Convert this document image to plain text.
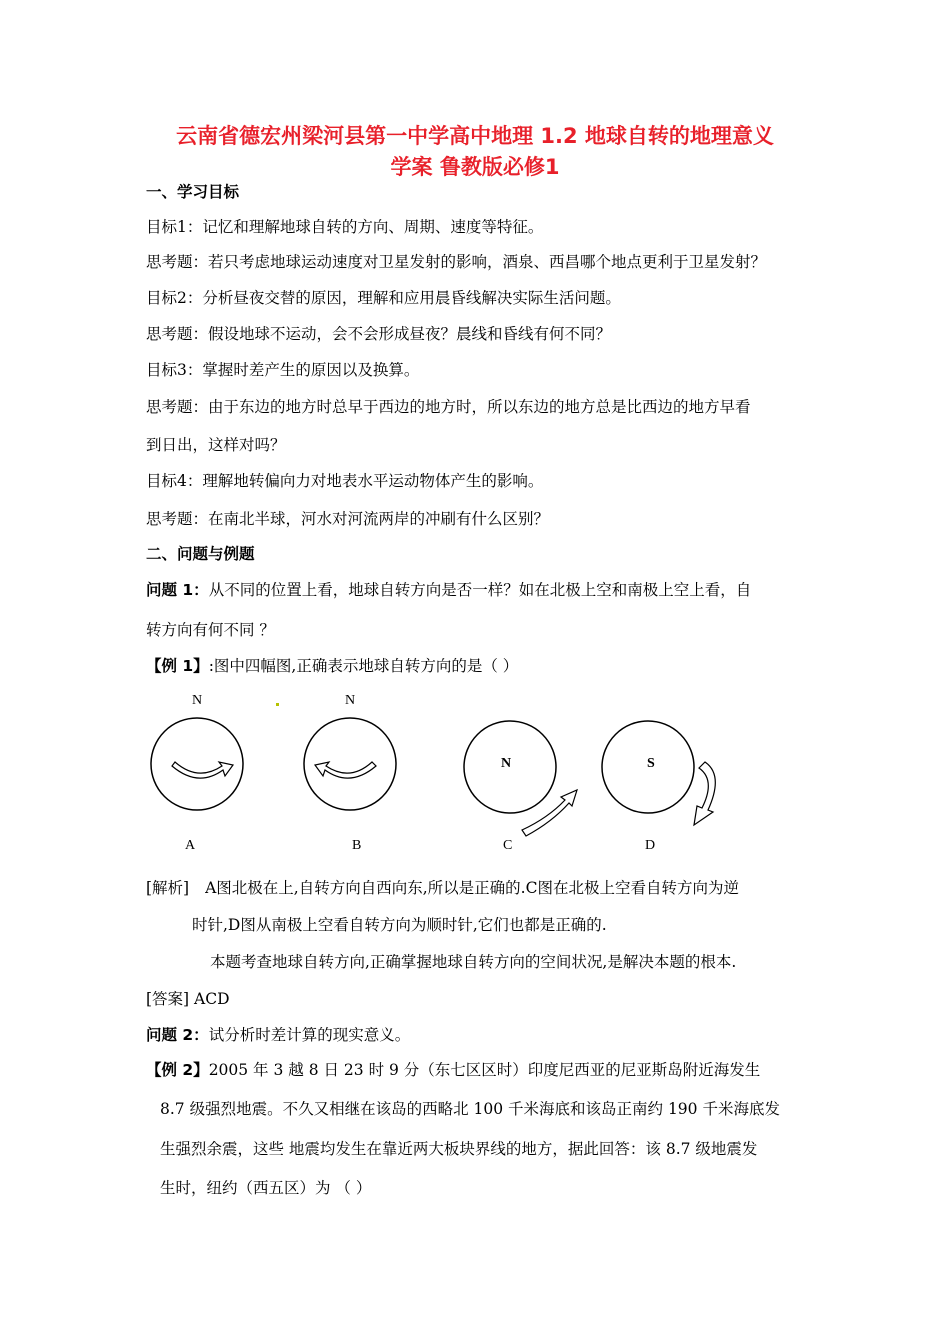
云南省德宏州梁河县第一中学高中地理 1.2 地球自转的地理意义
学案 鲁教版必修1
一、学习目标
目标1：记忆和理解地球自转的方向、周期、速度等特征。
思考题：若只考虑地球运动速度对卫星发射的影响，酒泉、西昌哪个地点更利于卫星发射？
目标2：分析昼夜交替的原因，理解和应用晨昏线解决实际生活问题。
思考题：假设地球不运动，会不会形成昼夜？晨线和昏线有何不同？
目标3：掌握时差产生的原因以及换算。
思考题：由于东边的地方时总早于西边的地方时，所以东边的地方总是比西边的地方早看
到日出，这样对吗？
目标4：理解地转偏向力对地表水平运动物体产生的影响。
思考题：在南北半球，河水对河流两岸的冲刷有什么区别？
二、问题与例题
问题 1：从不同的位置上看，地球自转方向是否一样？如在北极上空和南极上空上看，自
转方向有何不同 ？
【例 1】:图中四幅图,正确表示地球自转方向的是（ ）
N	N
N	S
A	B	C	D
[解析] A图北极在上,自转方向自西向东,所以是正确的.C图在北极上空看自转方向为逆
时针,D图从南极上空看自转方向为顺时针,它们也都是正确的.
本题考查地球自转方向,正确掌握地球自转方向的空间状况,是解决本题的根本.
[答案] ACD
问题 2：试分析时差计算的现实意义。
【例 2】2005 年 3 越 8 日 23 时 9 分（东七区区时）印度尼西亚的尼亚斯岛附近海发生
8.7 级强烈地震。不久又相继在该岛的西略北 100 千米海底和该岛正南约 190 千米海底发
生强烈余震，这些 地震均发生在靠近两大板块界线的地方，据此回答：该 8.7 级地震发
生时，纽约（西五区）为 （ ）
